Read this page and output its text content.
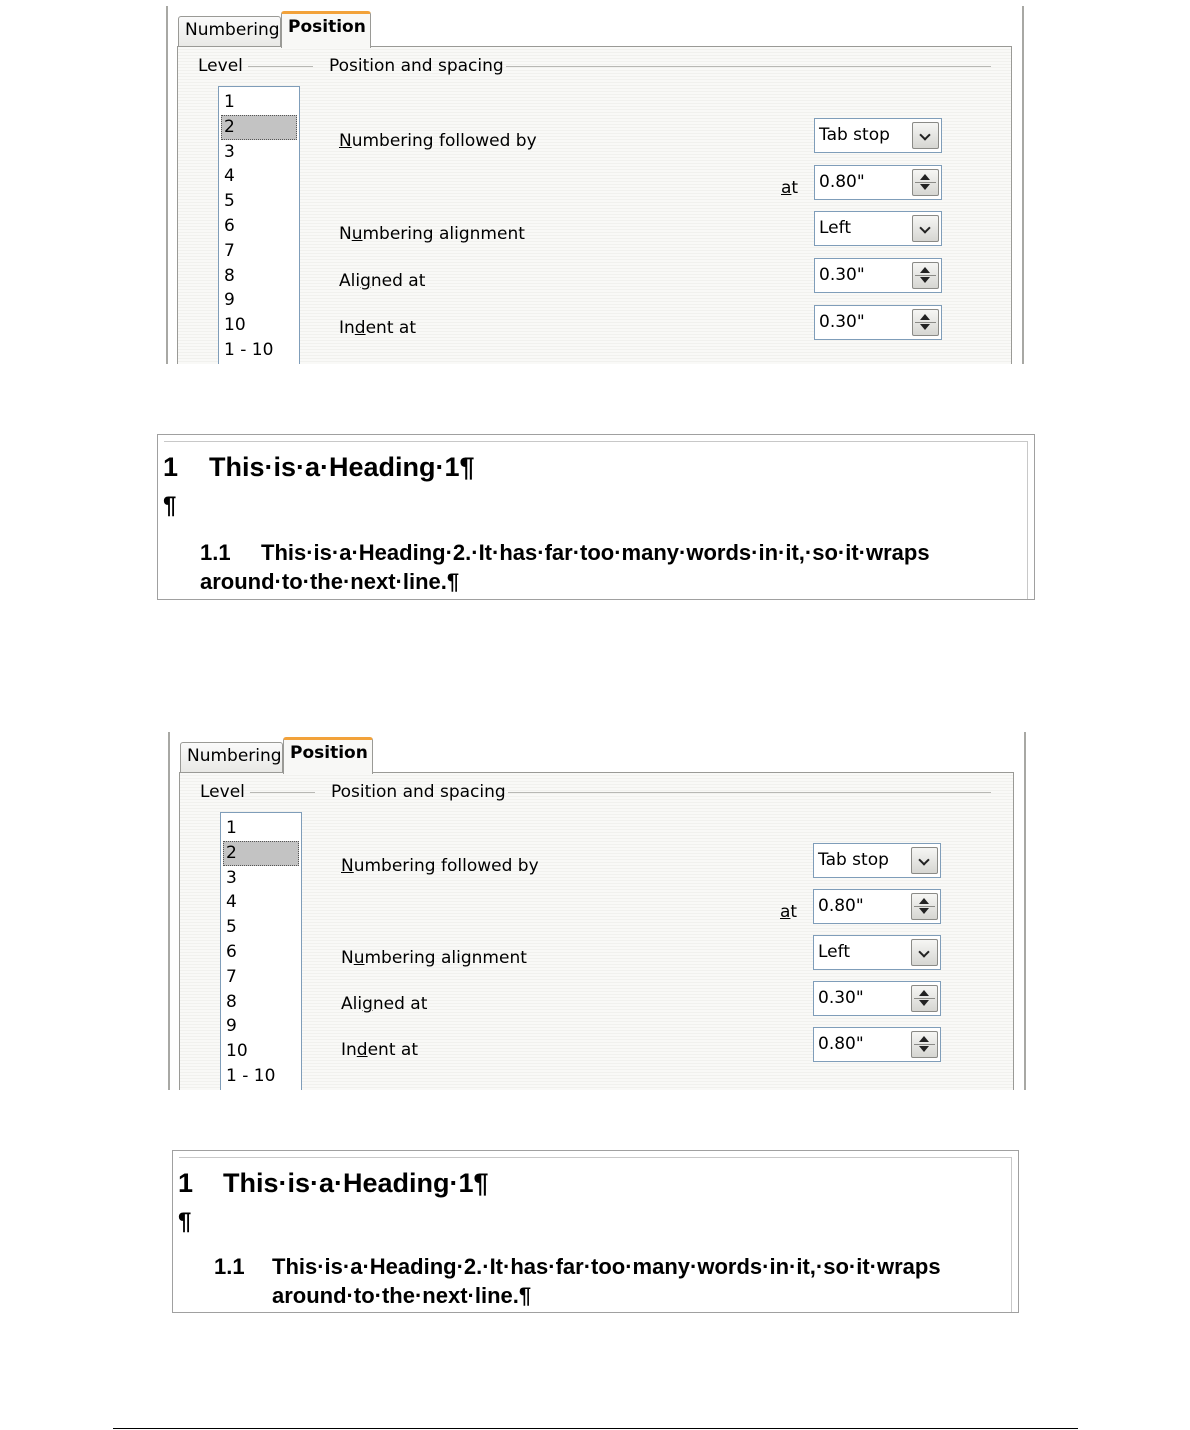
Numbering Position
Level	Position and spacing
1
2
3
4
5
6
7
8
9
10
1 - 10
Numbering followed by	Tab stop
at 0.80"
Numbering alignment	Left
Aligned at	0.30"
Indent at	0.30"
1 This·is·a·Heading·1¶
¶
1.1 This·is·a·Heading·2.·It·has·far·too·many·words·in·it,·so·it·wraps
around·to·the·next·line.¶
Numbering Position
Level	Position and spacing
1
2
3
4
5
6
7
8
9
10
1 - 10
Numbering followed by	Tab stop
at 0.80"
Numbering alignment	Left
Aligned at	0.30"
Indent at	0.80"
1 This·is·a·Heading·1¶
¶
1.1 This·is·a·Heading·2.·It·has·far·too·many·words·in·it,·so·it·wraps
around·to·the·next·line.¶
